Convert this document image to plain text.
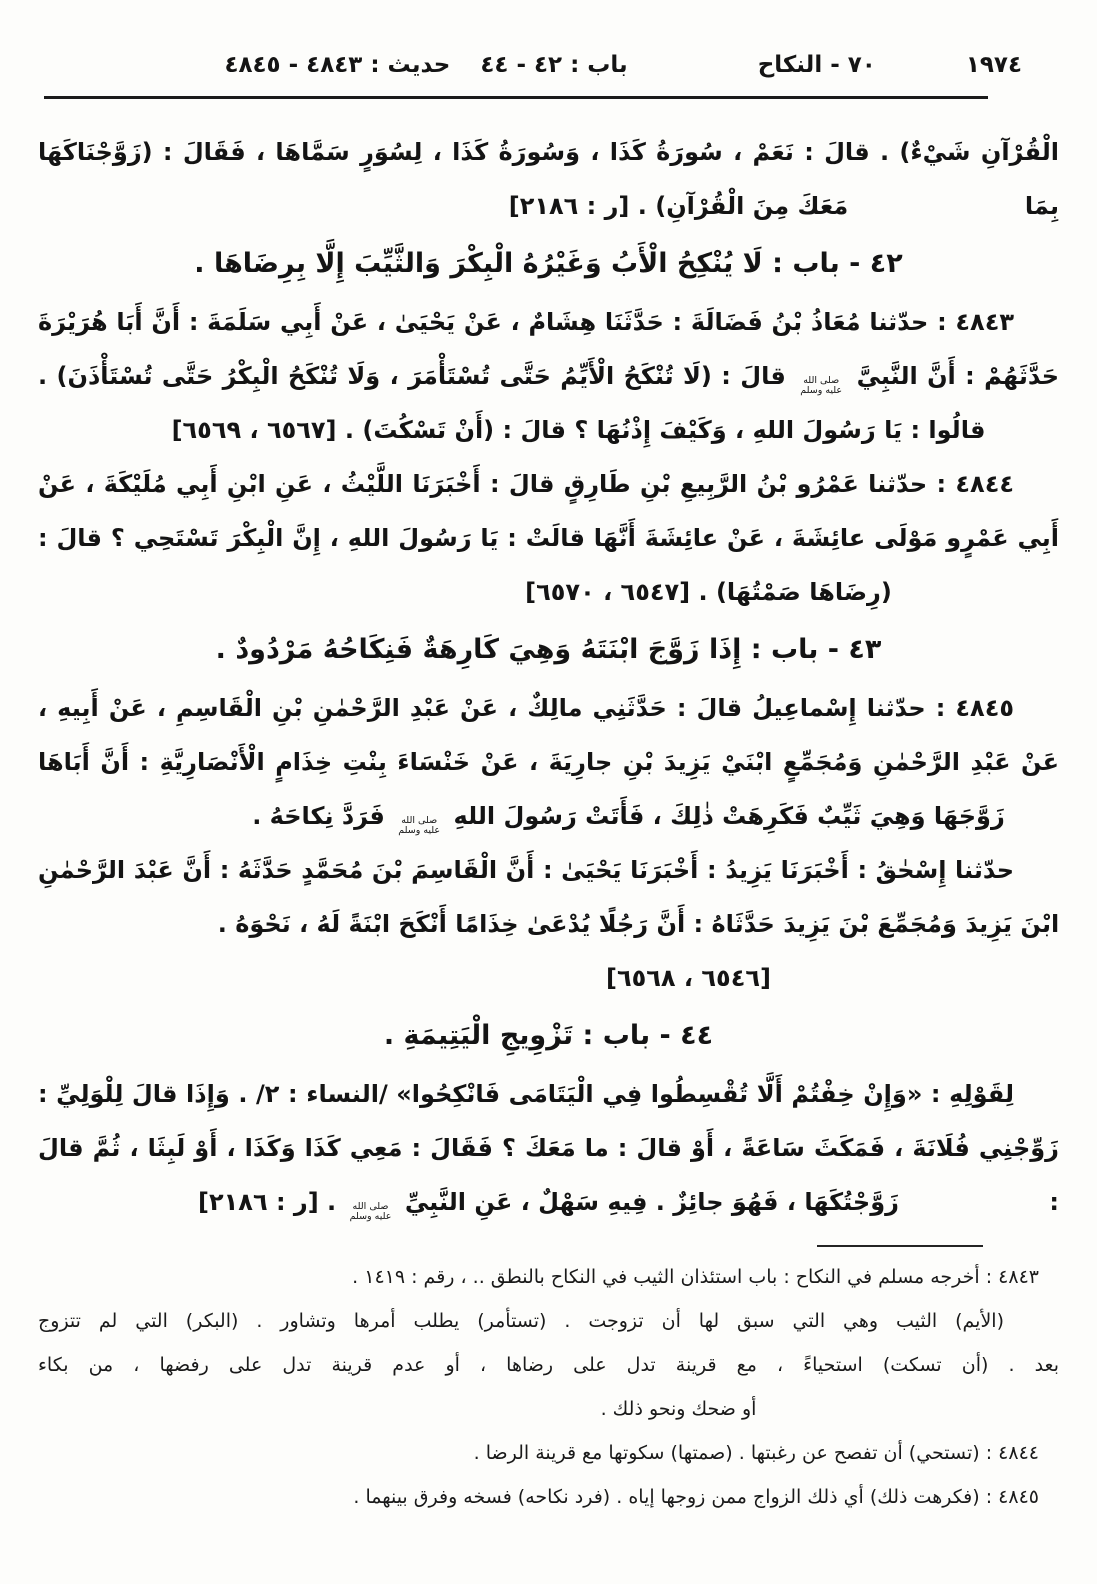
١٩٧٤
٧٠ - النكاح
باب : ٤٢ - ٤٤
حديث : ٤٨٤٣ - ٤٨٤٥
الْقُرْآنِ شَيْءٌ) . قالَ : نَعَمْ ، سُورَةُ كَذَا ، وَسُورَةُ كَذَا ، لِسُوَرٍ سَمَّاهَا ، فَقَالَ : (زَوَّجْنَاكَهَا بِمَا
مَعَكَ مِنَ الْقُرْآنِ) . [ر : ٢١٨٦]
٤٢ - باب : لَا يُنْكِحُ الْأَبُ وَغَيْرُهُ الْبِكْرَ وَالثَّيِّبَ إِلَّا بِرِضَاهَا .
٤٨٤٣ : حدّثنا مُعَاذُ بْنُ فَضَالَةَ : حَدَّثَنَا هِشَامٌ ، عَنْ يَحْيَىٰ ، عَنْ أَبِي سَلَمَةَ : أَنَّ أَبَا هُرَيْرَةَ
حَدَّثَهُمْ : أَنَّ النَّبِيَّ صلى الله عليه وسلم قالَ : (لَا تُنْكَحُ الْأَيِّمُ حَتَّى تُسْتَأْمَرَ ، وَلَا تُنْكَحُ الْبِكْرُ حَتَّى تُسْتَأْذَنَ) .
قالُوا : يَا رَسُولَ اللهِ ، وَكَيْفَ إِذْنُهَا ؟ قالَ : (أَنْ تَسْكُتَ) . [٦٥٦٧ ، ٦٥٦٩]
٤٨٤٤ : حدّثنا عَمْرُو بْنُ الرَّبِيعِ بْنِ طَارِقٍ قالَ : أَخْبَرَنَا اللَّيْثُ ، عَنِ ابْنِ أَبِي مُلَيْكَةَ ، عَنْ
أَبِي عَمْرٍو مَوْلَى عائِشَةَ ، عَنْ عائِشَةَ أَنَّهَا قالَتْ : يَا رَسُولَ اللهِ ، إِنَّ الْبِكْرَ تَسْتَحِي ؟ قالَ :
(رِضَاهَا صَمْتُهَا) . [٦٥٤٧ ، ٦٥٧٠]
٤٣ - باب : إِذَا زَوَّجَ ابْنَتَهُ وَهِيَ كَارِهَةٌ فَنِكَاحُهُ مَرْدُودٌ .
٤٨٤٥ : حدّثنا إِسْماعِيلُ قالَ : حَدَّثَنِي مالِكٌ ، عَنْ عَبْدِ الرَّحْمٰنِ بْنِ الْقَاسِمِ ، عَنْ أَبِيهِ ،
عَنْ عَبْدِ الرَّحْمٰنِ وَمُجَمِّعٍ ابْنَيْ يَزِيدَ بْنِ جارِيَةَ ، عَنْ خَنْسَاءَ بِنْتِ خِذَامٍ الْأَنْصَارِيَّةِ : أَنَّ أَبَاهَا
زَوَّجَهَا وَهِيَ ثَيِّبٌ فَكَرِهَتْ ذٰلِكَ ، فَأَتَتْ رَسُولَ اللهِ صلى الله عليه وسلم فَرَدَّ نِكاحَهُ .
حدّثنا إِسْحٰقُ : أَخْبَرَنَا يَزِيدُ : أَخْبَرَنَا يَحْيَىٰ : أَنَّ الْقَاسِمَ بْنَ مُحَمَّدٍ حَدَّثَهُ : أَنَّ عَبْدَ الرَّحْمٰنِ
ابْنَ يَزِيدَ وَمُجَمِّعَ بْنَ يَزِيدَ حَدَّثَاهُ : أَنَّ رَجُلًا يُدْعَىٰ خِذَامًا أَنْكَحَ ابْنَةً لَهُ ، نَحْوَهُ .
[٦٥٤٦ ، ٦٥٦٨]
٤٤ - باب : تَزْوِيجِ الْيَتِيمَةِ .
لِقَوْلِهِ : «وَإِنْ خِفْتُمْ أَلَّا تُقْسِطُوا فِي الْيَتَامَى فَانْكِحُوا» /النساء : ٢/ . وَإِذَا قالَ لِلْوَلِيِّ :
زَوِّجْنِي فُلَانَةَ ، فَمَكَثَ سَاعَةً ، أَوْ قالَ : ما مَعَكَ ؟ فَقَالَ : مَعِي كَذَا وَكَذَا ، أَوْ لَبِثَا ، ثُمَّ قالَ :
زَوَّجْتُكَهَا ، فَهُوَ جائِزٌ . فِيهِ سَهْلٌ ، عَنِ النَّبِيِّ صلى الله عليه وسلم . [ر : ٢١٨٦]
٤٨٤٣ : أخرجه مسلم في النكاح : باب استئذان الثيب في النكاح بالنطق .. ، رقم : ١٤١٩ .
(الأيم) الثيب وهي التي سبق لها أن تزوجت . (تستأمر) يطلب أمرها وتشاور . (البكر) التي لم تتزوج
بعد . (أن تسكت) استحياءً ، مع قرينة تدل على رضاها ، أو عدم قرينة تدل على رفضها ، من بكاء
أو ضحك ونحو ذلك .
٤٨٤٤ : (تستحي) أن تفصح عن رغبتها . (صمتها) سكوتها مع قرينة الرضا .
٤٨٤٥ : (فكرهت ذلك) أي ذلك الزواج ممن زوجها إياه . (فرد نكاحه) فسخه وفرق بينهما .
